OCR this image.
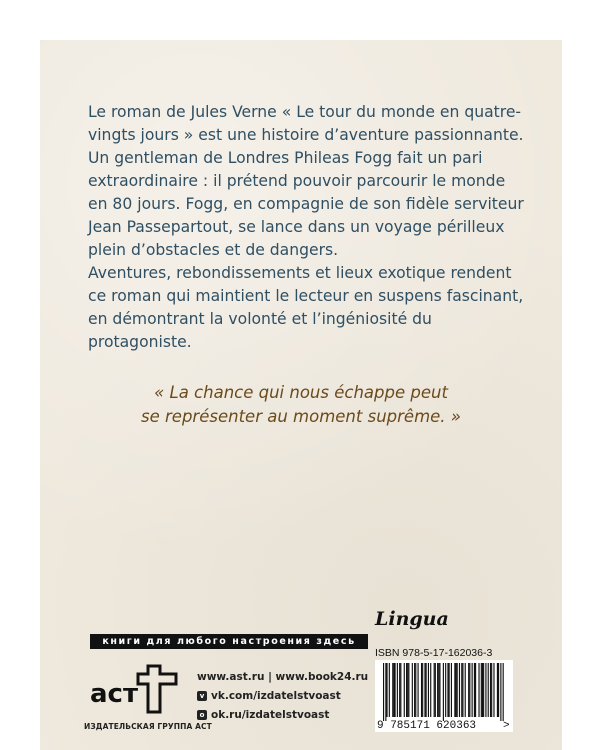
Le roman de Jules Verne « Le tour du monde en quatre-vingts jours » est une histoire d’aventure passionnante. Un gentleman de Londres Phileas Fogg fait un pari extraordinaire : il prétend pouvoir parcourir le monde en 80 jours. Fogg, en compagnie de son fidèle serviteur Jean Passepartout, se lance dans un voyage périlleux plein d’obstacles et de dangers.

Aventures, rebondissements et lieux exotique rendent ce roman qui maintient le lecteur en suspens fascinant, en démontrant la volonté et l’ingéniosité du protagoniste.

« La chance qui nous échappe peut
se représenter au moment suprême. »
книги для любого настроения здесь
Lingua
ISBN 978-5-17-162036-3
9 785171 620363 >
аст
ИЗДАТЕЛЬСКАЯ ГРУППА АСТ
www.ast.ru | www.book24.ru
v vk.com/izdatelstvoast
o ok.ru/izdatelstvoast
